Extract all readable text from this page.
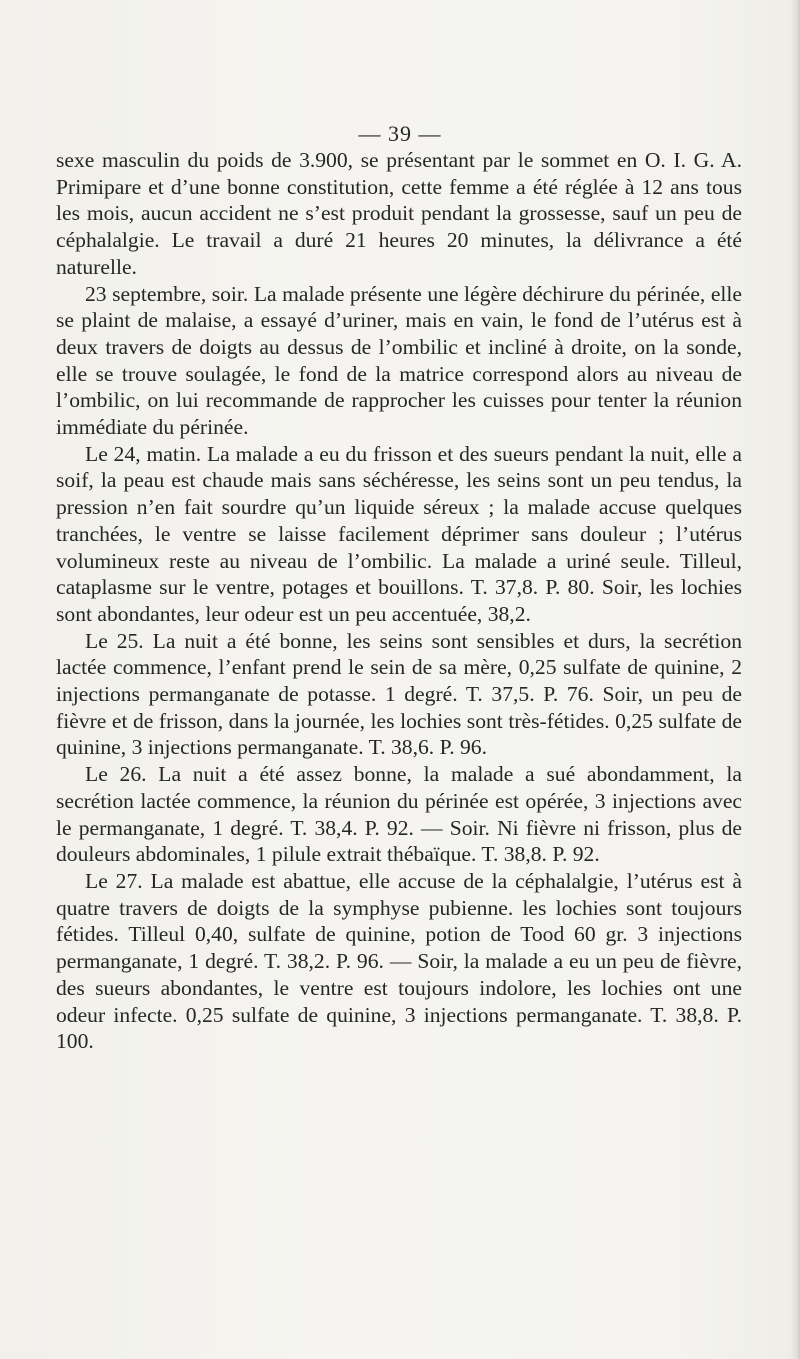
— 39 —

sexe masculin du poids de 3.900, se présentant par le sommet en O. I. G. A. Primipare et d’une bonne constitution, cette femme a été réglée à 12 ans tous les mois, aucun accident ne s’est produit pendant la grossesse, sauf un peu de céphalalgie. Le travail a duré 21 heures 20 minutes, la délivrance a été naturelle.

23 septembre, soir. La malade présente une légère déchirure du périnée, elle se plaint de malaise, a essayé d’uriner, mais en vain, le fond de l’utérus est à deux travers de doigts au dessus de l’ombilic et incliné à droite, on la sonde, elle se trouve soulagée, le fond de la matrice correspond alors au niveau de l’ombilic, on lui recommande de rapprocher les cuisses pour tenter la réunion immédiate du périnée.

Le 24, matin. La malade a eu du frisson et des sueurs pendant la nuit, elle a soif, la peau est chaude mais sans séchéresse, les seins sont un peu tendus, la pression n’en fait sourdre qu’un liquide séreux ; la malade accuse quelques tranchées, le ventre se laisse facilement déprimer sans douleur ; l’utérus volumineux reste au niveau de l’ombilic. La malade a uriné seule. Tilleul, cataplasme sur le ventre, potages et bouillons. T. 37,8. P. 80. Soir, les lochies sont abondantes, leur odeur est un peu accentuée, 38,2.

Le 25. La nuit a été bonne, les seins sont sensibles et durs, la secrétion lactée commence, l’enfant prend le sein de sa mère, 0,25 sulfate de quinine, 2 injections permanganate de potasse. 1 degré. T. 37,5. P. 76. Soir, un peu de fièvre et de frisson, dans la journée, les lochies sont très-fétides. 0,25 sulfate de quinine, 3 injections permanganate. T. 38,6. P. 96.

Le 26. La nuit a été assez bonne, la malade a sué abondamment, la secrétion lactée commence, la réunion du périnée est opérée, 3 injections avec le permanganate, 1 degré. T. 38,4. P. 92. — Soir. Ni fièvre ni frisson, plus de douleurs abdominales, 1 pilule extrait thébaïque. T. 38,8. P. 92.

Le 27. La malade est abattue, elle accuse de la céphalalgie, l’utérus est à quatre travers de doigts de la symphyse pubienne. les lochies sont toujours fétides. Tilleul 0,40, sulfate de quinine, potion de Tood 60 gr. 3 injections permanganate, 1 degré. T. 38,2. P. 96. — Soir, la malade a eu un peu de fièvre, des sueurs abondantes, le ventre est toujours indolore, les lochies ont une odeur infecte. 0,25 sulfate de quinine, 3 injections permanganate. T. 38,8. P. 100.
